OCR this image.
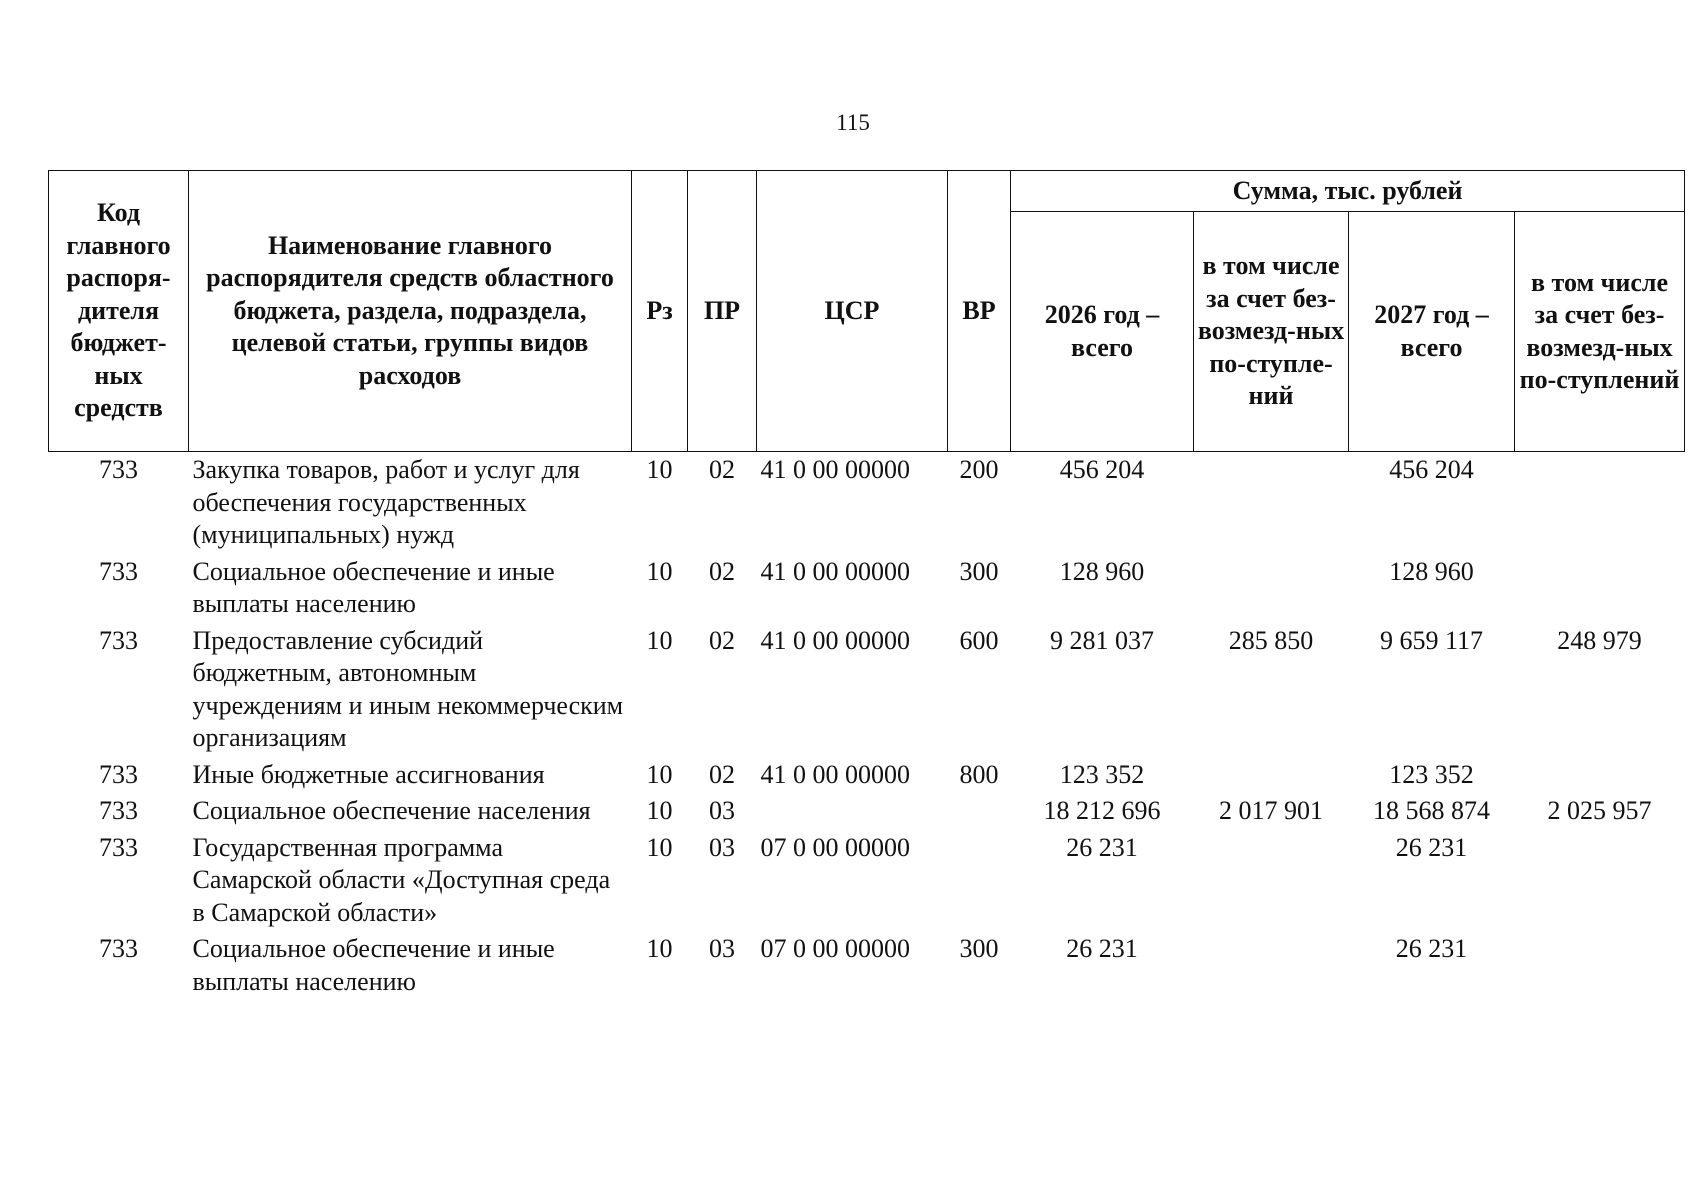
115
Код главного распоря-дителя бюджет-ных средств	Наименование главного распорядителя средств областного бюджета, раздела, подраздела, целевой статьи, группы видов расходов	Рз	ПР	ЦСР	ВР	Сумма, тыс. рублей			
						2026 год – всего	в том числе за счет без-возмезд-ных по-ступле-ний	2027 год – всего	в том числе за счет без-возмезд-ных по-ступлений
733	Закупка товаров, работ и услуг для обеспечения государственных (муниципальных) нужд	10	02	41 0 00 00000	200	456 204		456 204	
733	Социальное обеспечение и иные выплаты населению	10	02	41 0 00 00000	300	128 960		128 960	
733	Предоставление субсидий бюджетным, автономным учреждениям и иным некоммерческим организациям	10	02	41 0 00 00000	600	9 281 037	285 850	9 659 117	248 979
733	Иные бюджетные ассигнования	10	02	41 0 00 00000	800	123 352		123 352	
733	Социальное обеспечение населения	10	03			18 212 696	2 017 901	18 568 874	2 025 957
733	Государственная программа Самарской области «Доступная среда в Самарской области»	10	03	07 0 00 00000		26 231		26 231	
733	Социальное обеспечение и иные выплаты населению	10	03	07 0 00 00000	300	26 231		26 231	
